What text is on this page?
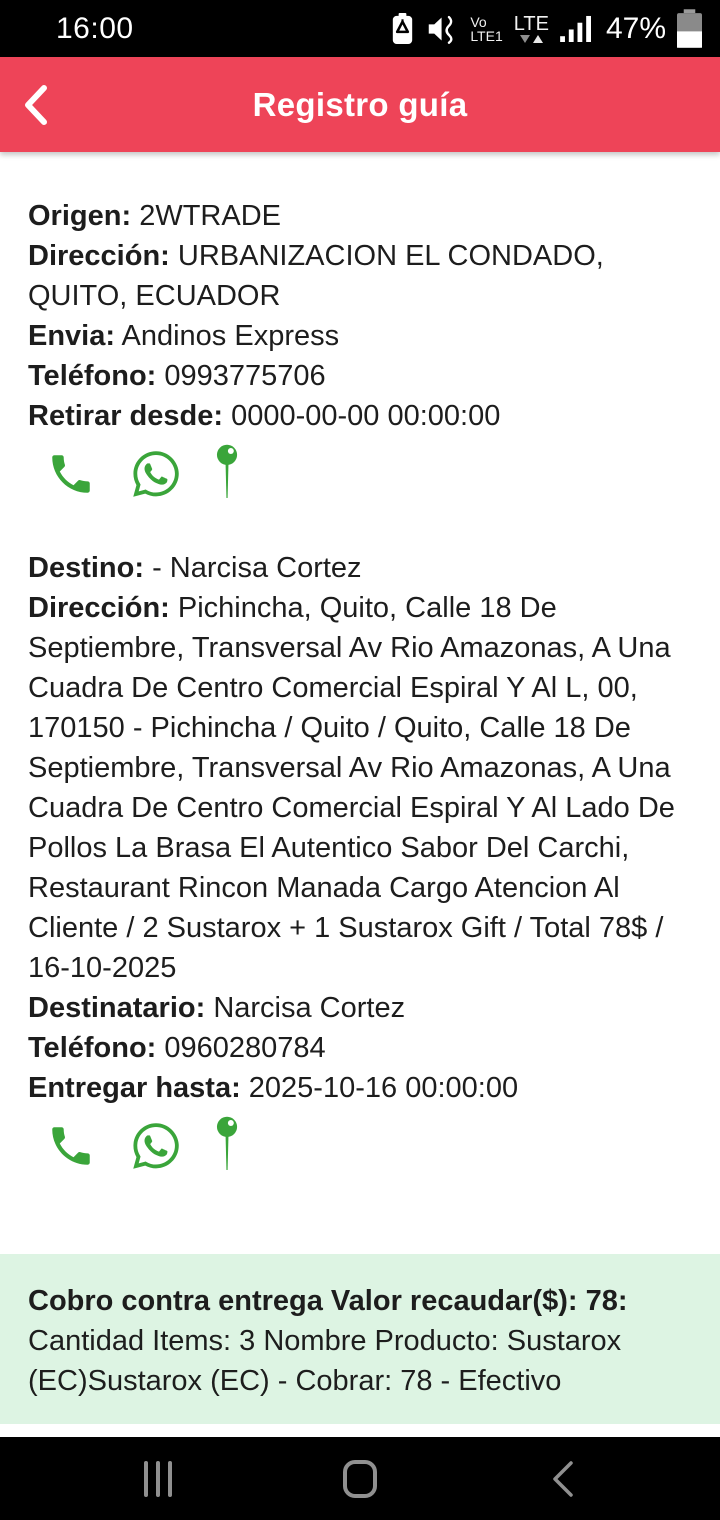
16:00	Vo
LTE1
LTE 47%
Registro guía

Origen: 2WTRADE

Dirección: URBANIZACION EL CONDADO, QUITO, ECUADOR

Envia: Andinos Express

Teléfono: 0993775706

Retirar desde: 0000-00-00 00:00:00

Destino: - Narcisa Cortez

Dirección: Pichincha, Quito, Calle 18 De Septiembre, Transversal Av Rio Amazonas, A Una Cuadra De Centro Comercial Espiral Y Al L, 00, 170150 - Pichincha / Quito / Quito, Calle 18 De Septiembre, Transversal Av Rio Amazonas, A Una Cuadra De Centro Comercial Espiral Y Al Lado De Pollos La Brasa El Autentico Sabor Del Carchi, Restaurant Rincon Manada Cargo Atencion Al Cliente / 2 Sustarox + 1 Sustarox Gift / Total 78$ / 16-10-2025

Destinatario: Narcisa Cortez

Teléfono: 0960280784

Entregar hasta: 2025-10-16 00:00:00

Cobro contra entrega Valor recaudar($): 78:

Cantidad Items: 3 Nombre Producto: Sustarox (EC)Sustarox (EC) - Cobrar: 78 - Efectivo
